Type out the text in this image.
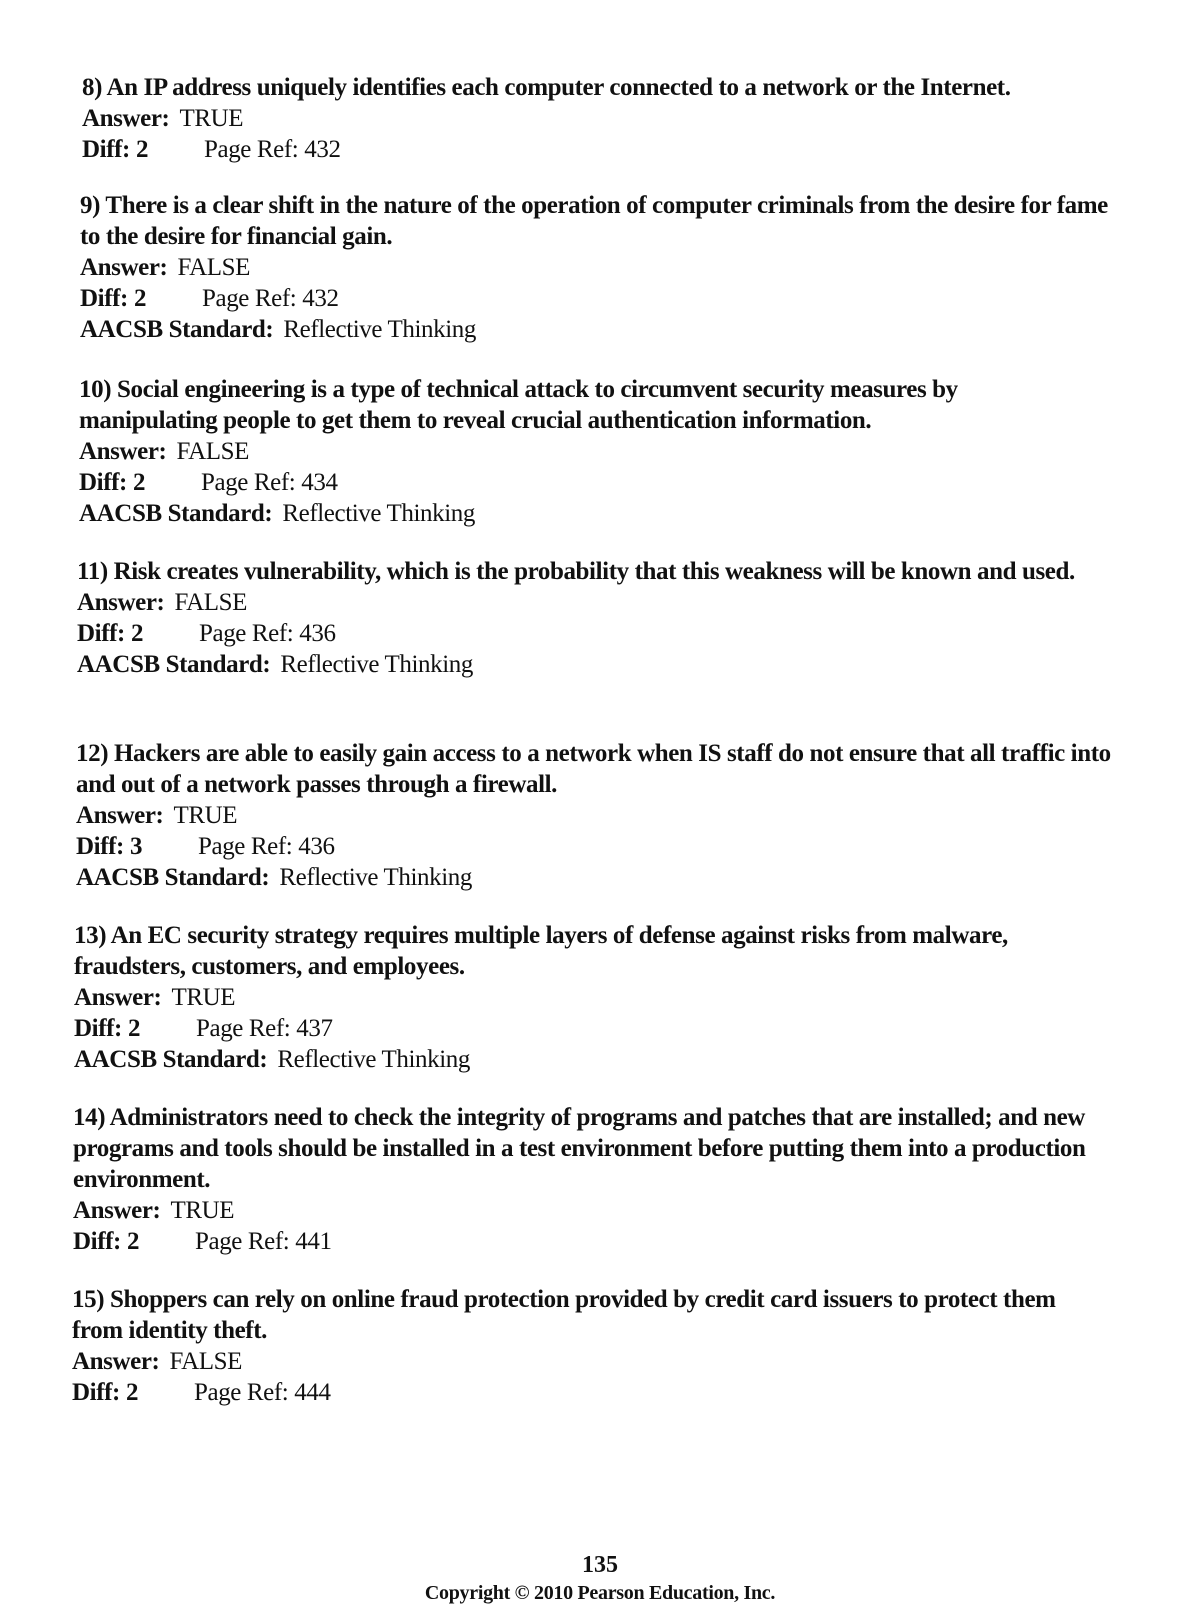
8) An IP address uniquely identifies each computer connected to a network or the Internet.
Answer: TRUE
Diff: 2 Page Ref: 432
9) There is a clear shift in the nature of the operation of computer criminals from the desire for fame to the desire for financial gain.
Answer: FALSE
Diff: 2 Page Ref: 432
AACSB Standard: Reflective Thinking
10) Social engineering is a type of technical attack to circumvent security measures by manipulating people to get them to reveal crucial authentication information.
Answer: FALSE
Diff: 2 Page Ref: 434
AACSB Standard: Reflective Thinking
11) Risk creates vulnerability, which is the probability that this weakness will be known and used.
Answer: FALSE
Diff: 2 Page Ref: 436
AACSB Standard: Reflective Thinking
12) Hackers are able to easily gain access to a network when IS staff do not ensure that all traffic into and out of a network passes through a firewall.
Answer: TRUE
Diff: 3 Page Ref: 436
AACSB Standard: Reflective Thinking
13) An EC security strategy requires multiple layers of defense against risks from malware, fraudsters, customers, and employees.
Answer: TRUE
Diff: 2 Page Ref: 437
AACSB Standard: Reflective Thinking
14) Administrators need to check the integrity of programs and patches that are installed; and new programs and tools should be installed in a test environment before putting them into a production environment.
Answer: TRUE
Diff: 2 Page Ref: 441
15) Shoppers can rely on online fraud protection provided by credit card issuers to protect them from identity theft.
Answer: FALSE
Diff: 2 Page Ref: 444
135
Copyright © 2010 Pearson Education, Inc.
